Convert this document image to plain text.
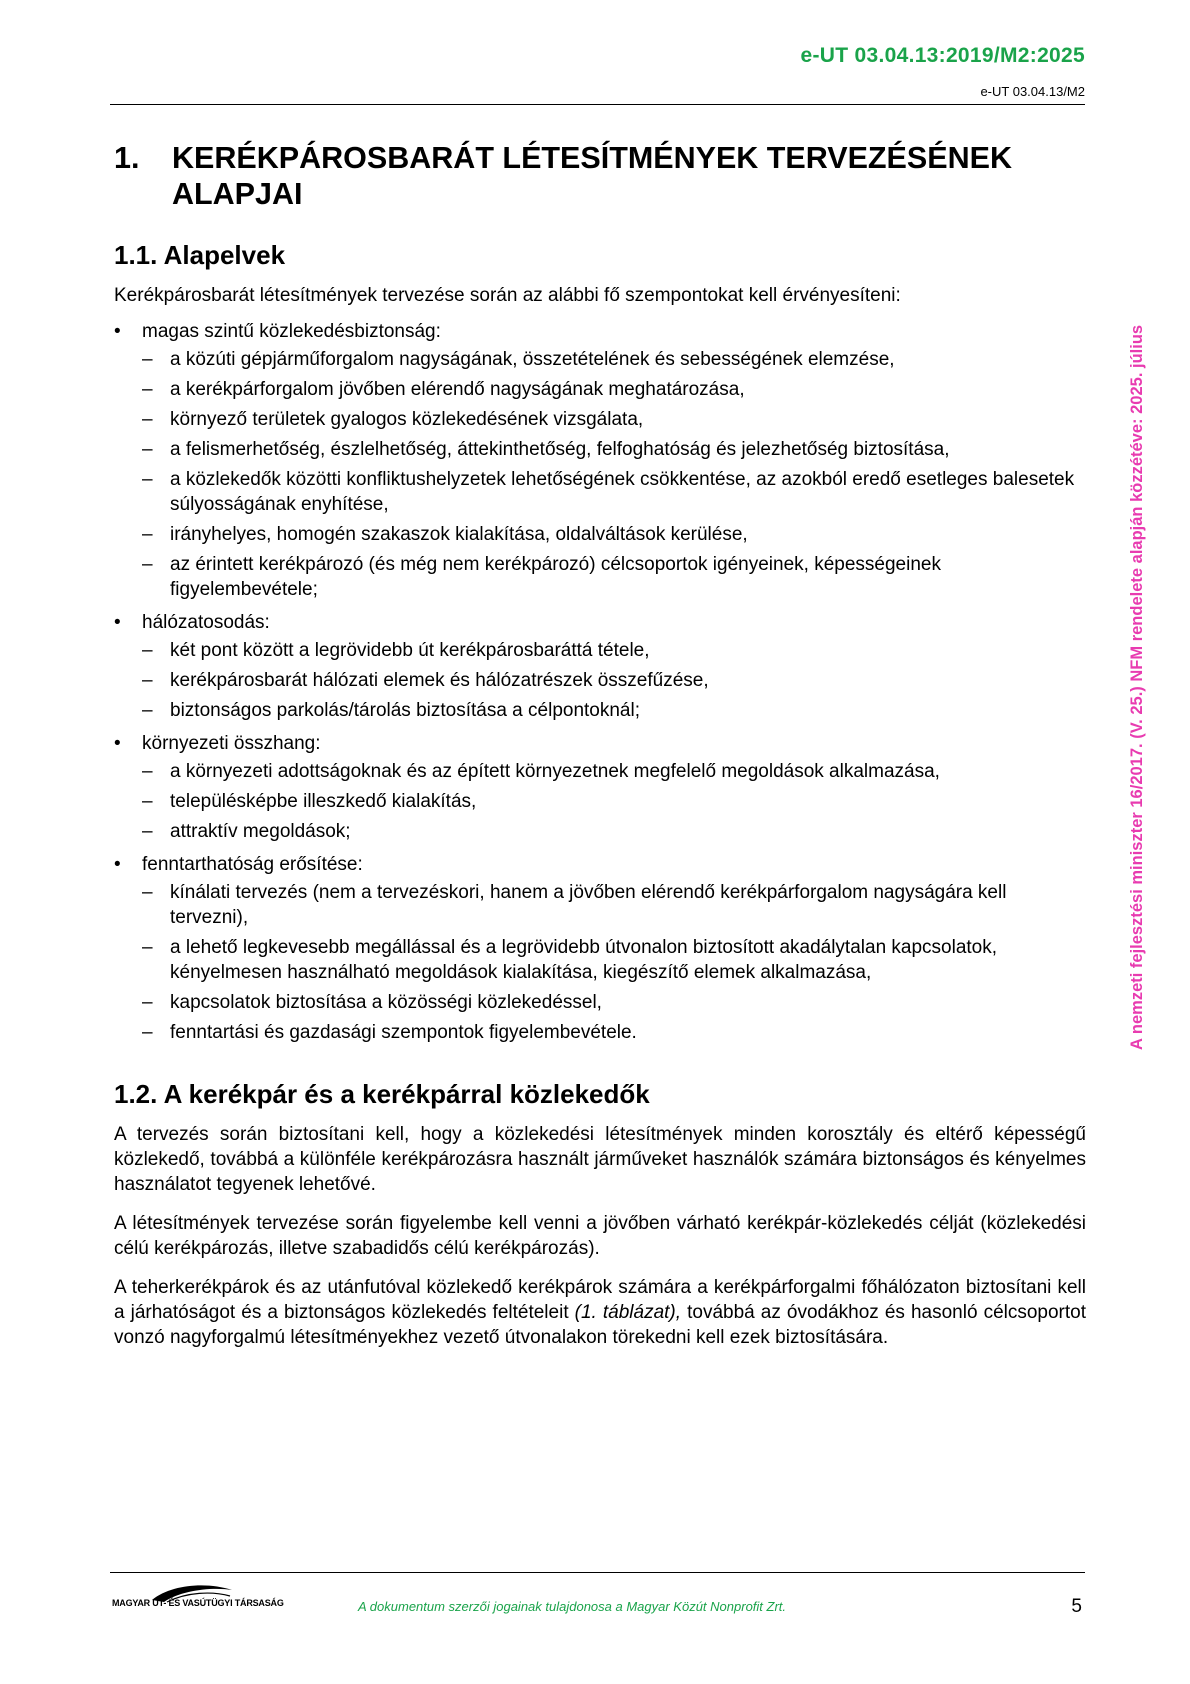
e-UT 03.04.13:2019/M2:2025
e-UT 03.04.13/M2
A nemzeti fejlesztési miniszter 16/2017. (V. 25.) NFM rendelete alapján közzétéve: 2025. július
1.	KERÉKPÁROSBARÁT LÉTESÍTMÉNYEK TERVEZÉSÉNEK ALAPJAI
1.1. Alapelvek
Kerékpárosbarát létesítmények tervezése során az alábbi fő szempontokat kell érvényesíteni:
• magas szintű közlekedésbiztonság:
– a közúti gépjárműforgalom nagyságának, összetételének és sebességének elemzése,
– a kerékpárforgalom jövőben elérendő nagyságának meghatározása,
– környező területek gyalogos közlekedésének vizsgálata,
– a felismerhetőség, észlelhetőség, áttekinthetőség, felfoghatóság és jelezhetőség biztosítása,
– a közlekedők közötti konfliktushelyzetek lehetőségének csökkentése, az azokból eredő esetleges balesetek súlyosságának enyhítése,
– irányhelyes, homogén szakaszok kialakítása, oldalváltások kerülése,
– az érintett kerékpározó (és még nem kerékpározó) célcsoportok igényeinek, képességeinek figyelembevétele;
• hálózatosodás:
– két pont között a legrövidebb út kerékpárosbaráttá tétele,
– kerékpárosbarát hálózati elemek és hálózatrészek összefűzése,
– biztonságos parkolás/tárolás biztosítása a célpontoknál;
• környezeti összhang:
– a környezeti adottságoknak és az épített környezetnek megfelelő megoldások alkalmazása,
– településképbe illeszkedő kialakítás,
– attraktív megoldások;
• fenntarthatóság erősítése:
– kínálati tervezés (nem a tervezéskori, hanem a jövőben elérendő kerékpárforgalom nagyságára kell tervezni),
– a lehető legkevesebb megállással és a legrövidebb útvonalon biztosított akadálytalan kapcsolatok, kényelmesen használható megoldások kialakítása, kiegészítő elemek alkalmazása,
– kapcsolatok biztosítása a közösségi közlekedéssel,
– fenntartási és gazdasági szempontok figyelembevétele.
1.2. A kerékpár és a kerékpárral közlekedők

A tervezés során biztosítani kell, hogy a közlekedési létesítmények minden korosztály és eltérő képességű közlekedő, továbbá a különféle kerékpározásra használt járműveket használók számára biztonságos és kényelmes használatot tegyenek lehetővé.

A létesítmények tervezése során figyelembe kell venni a jövőben várható kerékpár-közlekedés célját (közlekedési célú kerékpározás, illetve szabadidős célú kerékpározás).

A teherkerékpárok és az utánfutóval közlekedő kerékpárok számára a kerékpárforgalmi főhálózaton biztosítani kell a járhatóságot és a biztonságos közlekedés feltételeit (1. táblázat), továbbá az óvodákhoz és hasonló célcsoportot vonzó nagyforgalmú létesítményekhez vezető útvonalakon törekedni kell ezek biztosítására.

MAGYAR ÚT- ÉS VASÚTÜGYI TÁRSASÁG	A dokumentum szerzői jogainak tulajdonosa a Magyar Közút Nonprofit Zrt.	5
